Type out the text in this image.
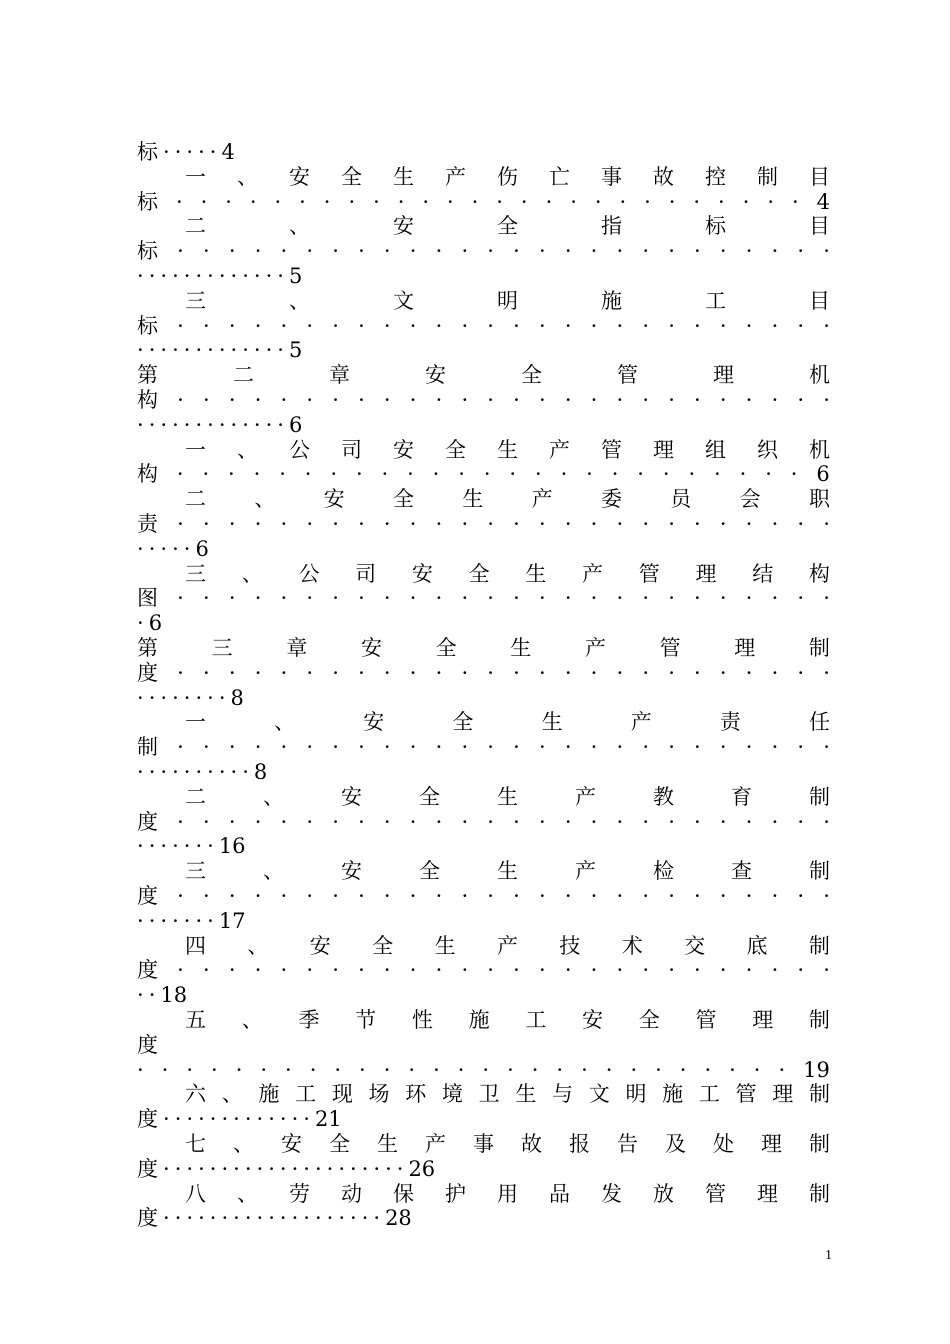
标 · · · · · 4
一 、 安 全 生 产 伤 亡 事 故 控 制 目
标 · · · · · · · · · · · · · · · · · · · · · · · · · · 4
二	、	安	全	指	标	目
标 · · · · · · · · · · · · · · · · · · · · · · · · · ·
· · · · · · · · · · · · · 5
三	、	文	明	施	工	目
标 · · · · · · · · · · · · · · · · · · · · · · · · · ·
· · · · · · · · · · · · · 5
第	二	章	安	全	管	理	机
构 · · · · · · · · · · · · · · · · · · · · · · · · · ·
· · · · · · · · · · · · · 6
一 、 公 司 安 全 生 产 管 理 组 织 机
构 · · · · · · · · · · · · · · · · · · · · · · · · · 6
二 、 安 全 生 产 委 员 会 职
责 · · · · · · · · · · · · · · · · · · · · · · · · · ·
· · · · · 6
三 、 公 司 安 全 生 产 管 理 结 构
图 · · · · · · · · · · · · · · · · · · · · · · · · · ·
· 6
第	三	章	安	全	生	产	管	理	制
度 · · · · · · · · · · · · · · · · · · · · · · · · · ·
· · · · · · · · 8
一	、	安	全	生	产	责	任
制 · · · · · · · · · · · · · · · · · · · · · · · · · ·
· · · · · · · · · · 8
二	、	安	全	生	产	教	育	制
度 · · · · · · · · · · · · · · · · · · · · · · · · · ·
· · · · · · · 16
三	、	安	全	生	产	检	查	制
度 · · · · · · · · · · · · · · · · · · · · · · · · · ·
· · · · · · · 17
四 、 安 全 生 产 技 术 交 底 制
度 · · · · · · · · · · · · · · · · · · · · · · · · · ·
· · 18
五 、 季 节 性 施 工 安 全 管 理 制
度
· · · · · · · · · · · · · · · · · · · · · · · · · · · 19
六 、 施 工 现 场 环 境 卫 生 与 文 明 施 工 管 理 制
度 · · · · · · · · · · · · · 21
七 、 安 全 生 产 事 故 报 告 及 处 理 制
度 · · · · · · · · · · · · · · · · · · · · · 26
八 、 劳 动 保 护 用 品 发 放 管 理 制
度 · · · · · · · · · · · · · · · · · · · 28
1
